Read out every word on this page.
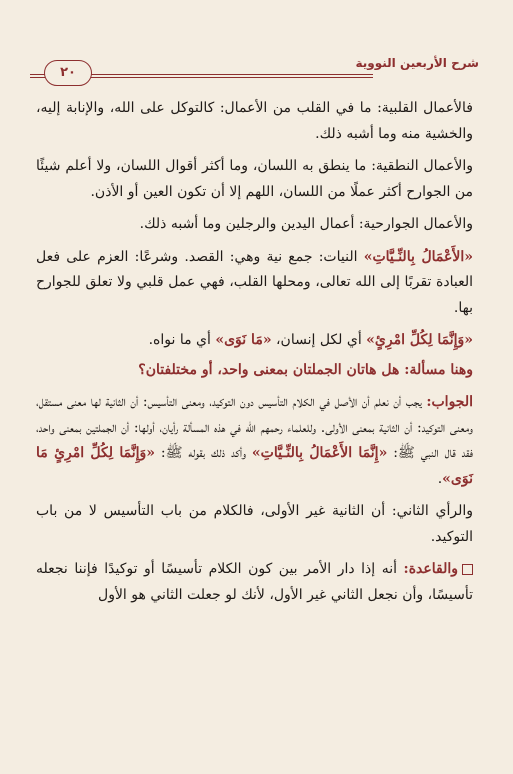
شرح الأربعين النووية
٢٠

فالأعمال القلبية: ما في القلب من الأعمال: كالتوكل على الله، والإنابة إليه، والخشية منه وما أشبه ذلك.

والأعمال النطقية: ما ينطق به اللسان، وما أكثر أقوال اللسان، ولا أعلم شيئًا من الجوارح أكثر عملًا من اللسان، اللهم إلا أن تكون العين أو الأذن.

والأعمال الجوارحية: أعمال اليدين والرجلين وما أشبه ذلك.

«الأَعْمَالُ بِالنِّـيَّاتِ» النيات: جمع نية وهي: القصد. وشرعًا: العزم على فعل العبادة تقربًا إلى الله تعالى، ومحلها القلب، فهي عمل قلبي ولا تعلق للجوارح بها.

«وَإِنَّمَا لِكُلِّ امْرِئٍ» أي لكل إنسان، «مَا نَوَى» أي ما نواه.

وهنا مسألة: هل هاتان الجملتان بمعنى واحد، أو مختلفتان؟

الجواب: يجب أن نعلم أن الأصل في الكلام التأسيس دون التوكيد، ومعنى التأسيس: أن الثانية لها معنى مستقل، ومعنى التوكيد: أن الثانية بمعنى الأولى. وللعلماء رحمهم الله في هذه المسألة رأيان، أولها: أن الجملتين بمعنى واحد، فقد قال النبي ﷺ: «إِنَّمَا الأَعْمَالُ بِالنِّـيَّاتِ» وأكد ذلك بقوله ﷺ: «وَإِنَّمَا لِكُلِّ امْرِئٍ مَا نَوَى».

والرأي الثاني: أن الثانية غير الأولى، فالكلام من باب التأسيس لا من باب التوكيد.

والقاعدة: أنه إذا دار الأمر بين كون الكلام تأسيسًا أو توكيدًا فإننا نجعله تأسيسًا، وأن نجعل الثاني غير الأول، لأنك لو جعلت الثاني هو الأول
